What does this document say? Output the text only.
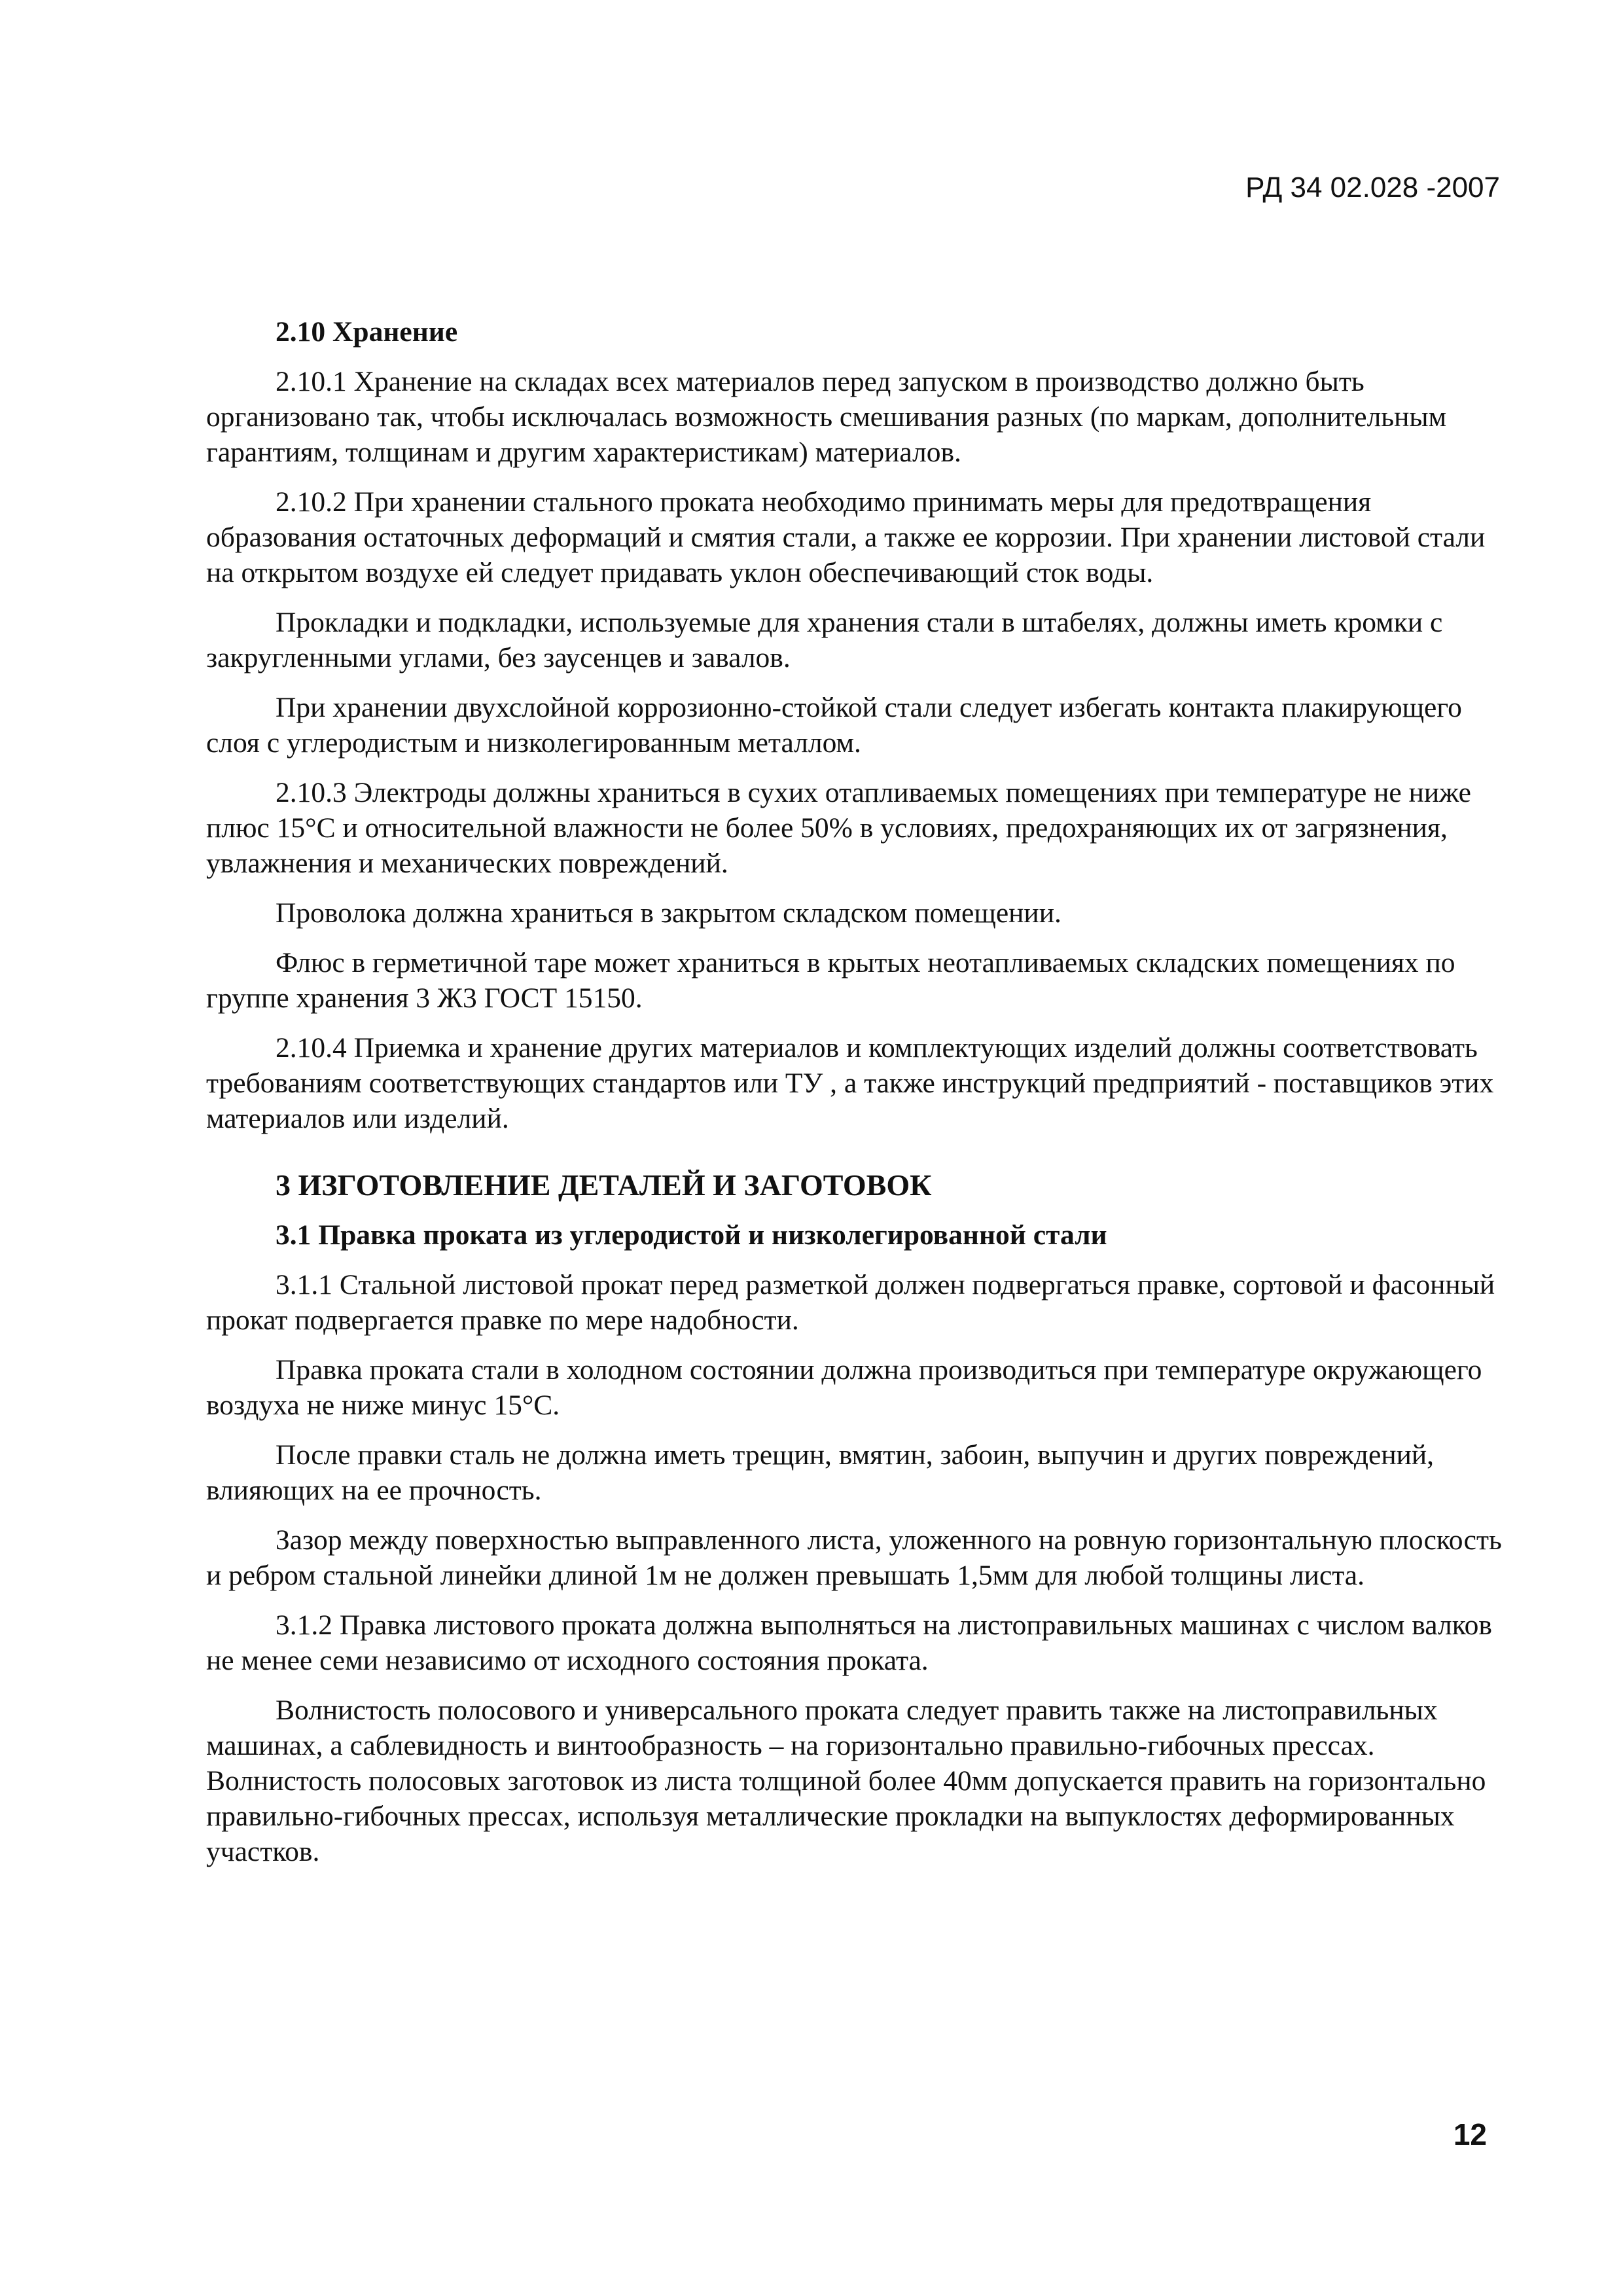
РД 34 02.028 -2007
2.10 Хранение

2.10.1 Хранение на складах всех материалов перед запуском в производство должно быть организовано так, чтобы исключалась возможность смешивания разных (по маркам, дополнительным гарантиям, толщинам и другим характеристикам) материалов.

2.10.2 При хранении стального проката необходимо принимать меры для предотвращения образования остаточных деформаций и смятия стали, а также ее коррозии. При хранении листовой стали на открытом воздухе ей следует придавать уклон обеспечивающий сток воды.

Прокладки и подкладки, используемые для хранения стали в штабелях, должны иметь кромки с закругленными углами, без заусенцев и завалов.

При хранении двухслойной коррозионно-стойкой стали следует избегать контакта плакирующего слоя с углеродистым и низколегированным металлом.

2.10.3 Электроды должны храниться в сухих отапливаемых помещениях при температуре не ниже плюс 15°С и относительной влажности не более 50% в условиях, предохраняющих их от загрязнения, увлажнения и механических повреждений.

Проволока должна храниться в закрытом складском помещении.

Флюс в герметичной таре может храниться в крытых неотапливаемых складских помещениях по группе хранения 3 Ж3 ГОСТ 15150.

2.10.4 Приемка и хранение других материалов и комплектующих изделий должны соответствовать требованиям соответствующих стандартов или ТУ , а также инструкций предприятий - поставщиков этих материалов или изделий.

3 ИЗГОТОВЛЕНИЕ ДЕТАЛЕЙ И ЗАГОТОВОК
3.1 Правка проката из углеродистой и низколегированной стали

3.1.1 Стальной листовой прокат перед разметкой должен подвергаться правке, сортовой и фасонный прокат подвергается правке по мере надобности.

Правка проката стали в холодном состоянии должна производиться при температуре окружающего воздуха не ниже минус 15°С.

После правки сталь не должна иметь трещин, вмятин, забоин, выпучин и других повреждений, влияющих на ее прочность.

Зазор между поверхностью выправленного листа, уложенного на ровную горизонтальную плоскость и ребром стальной линейки длиной 1м не должен превышать 1,5мм для любой толщины листа.

3.1.2 Правка листового проката должна выполняться на листоправильных машинах с числом валков не менее семи независимо от исходного состояния проката.

Волнистость полосового и универсального проката следует править также на листоправильных машинах, а саблевидность и винтообразность – на горизонтально правильно-гибочных прессах. Волнистость полосовых заготовок из листа толщиной более 40мм допускается править на горизонтально правильно-гибочных прессах, используя металлические прокладки на выпуклостях деформированных участков.

12
